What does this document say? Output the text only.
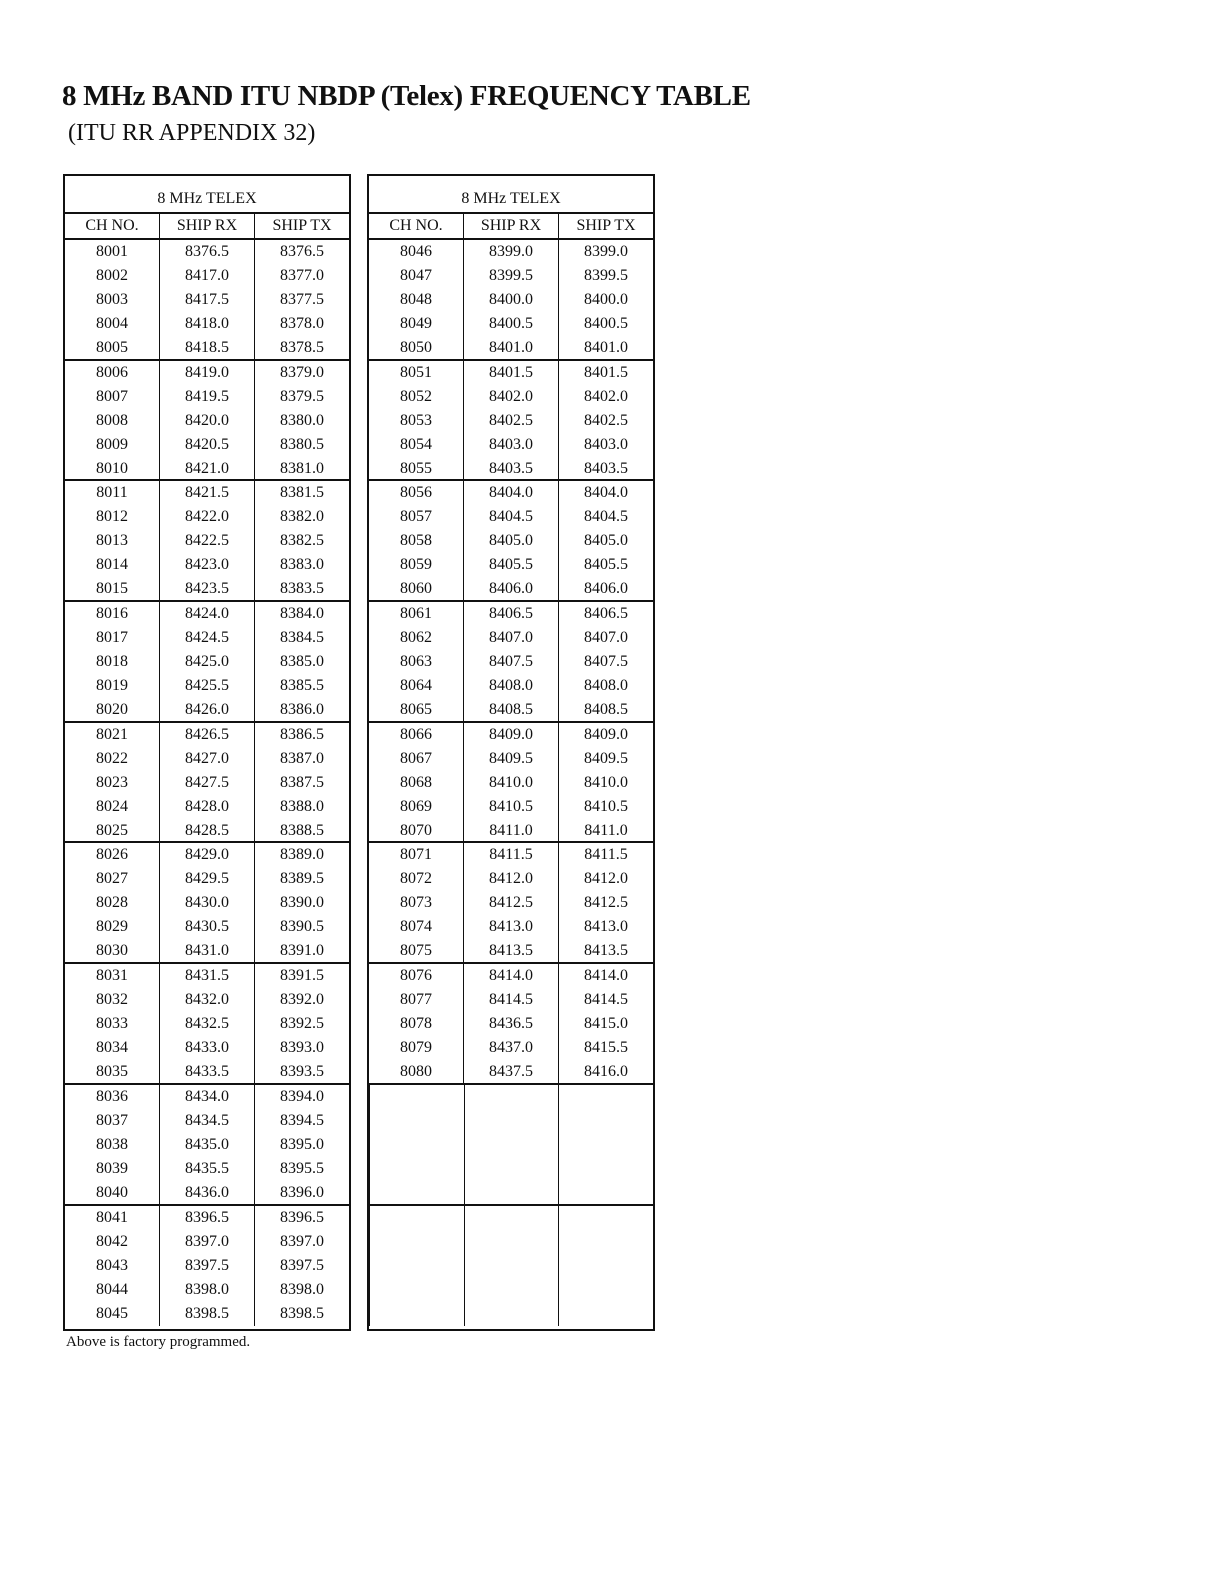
8 MHz BAND ITU NBDP (Telex) FREQUENCY TABLE
(ITU RR APPENDIX 32)
8 MHz TELEX
CH NO.	SHIP RX	SHIP TX
8001	8376.5	8376.5
8002	8417.0	8377.0
8003	8417.5	8377.5
8004	8418.0	8378.0
8005	8418.5	8378.5
8006	8419.0	8379.0
8007	8419.5	8379.5
8008	8420.0	8380.0
8009	8420.5	8380.5
8010	8421.0	8381.0
8011	8421.5	8381.5
8012	8422.0	8382.0
8013	8422.5	8382.5
8014	8423.0	8383.0
8015	8423.5	8383.5
8016	8424.0	8384.0
8017	8424.5	8384.5
8018	8425.0	8385.0
8019	8425.5	8385.5
8020	8426.0	8386.0
8021	8426.5	8386.5
8022	8427.0	8387.0
8023	8427.5	8387.5
8024	8428.0	8388.0
8025	8428.5	8388.5
8026	8429.0	8389.0
8027	8429.5	8389.5
8028	8430.0	8390.0
8029	8430.5	8390.5
8030	8431.0	8391.0
8031	8431.5	8391.5
8032	8432.0	8392.0
8033	8432.5	8392.5
8034	8433.0	8393.0
8035	8433.5	8393.5
8036	8434.0	8394.0
8037	8434.5	8394.5
8038	8435.0	8395.0
8039	8435.5	8395.5
8040	8436.0	8396.0
8041	8396.5	8396.5
8042	8397.0	8397.0
8043	8397.5	8397.5
8044	8398.0	8398.0
8045	8398.5	8398.5
8 MHz TELEX
CH NO.	SHIP RX	SHIP TX
8046	8399.0	8399.0
8047	8399.5	8399.5
8048	8400.0	8400.0
8049	8400.5	8400.5
8050	8401.0	8401.0
8051	8401.5	8401.5
8052	8402.0	8402.0
8053	8402.5	8402.5
8054	8403.0	8403.0
8055	8403.5	8403.5
8056	8404.0	8404.0
8057	8404.5	8404.5
8058	8405.0	8405.0
8059	8405.5	8405.5
8060	8406.0	8406.0
8061	8406.5	8406.5
8062	8407.0	8407.0
8063	8407.5	8407.5
8064	8408.0	8408.0
8065	8408.5	8408.5
8066	8409.0	8409.0
8067	8409.5	8409.5
8068	8410.0	8410.0
8069	8410.5	8410.5
8070	8411.0	8411.0
8071	8411.5	8411.5
8072	8412.0	8412.0
8073	8412.5	8412.5
8074	8413.0	8413.0
8075	8413.5	8413.5
8076	8414.0	8414.0
8077	8414.5	8414.5
8078	8436.5	8415.0
8079	8437.0	8415.5
8080	8437.5	8416.0

Above is factory programmed.
